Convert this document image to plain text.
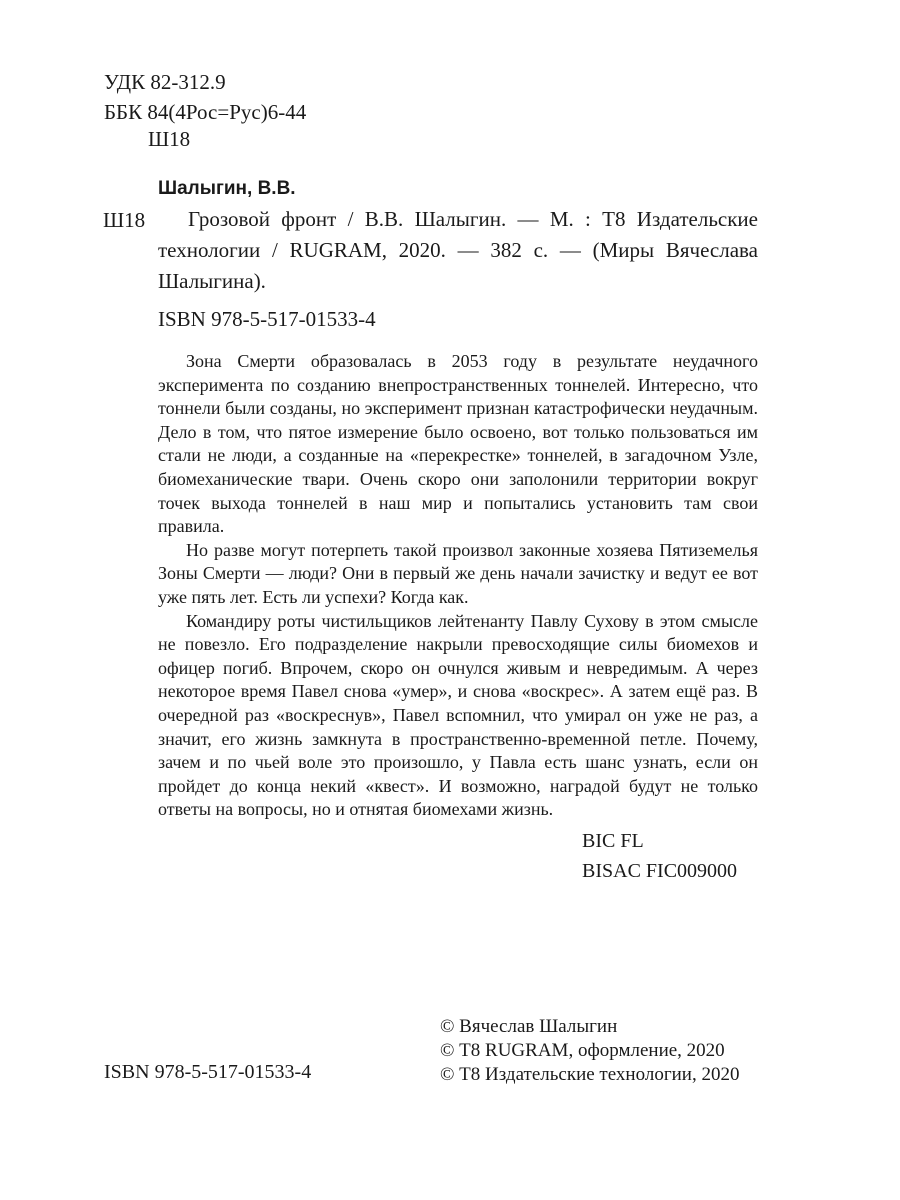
УДК 82-312.9
ББК 84(4Рос=Рус)6-44
Ш18
Шалыгин, В.В.
Ш18	Грозовой фронт / В.В. Шалыгин. — М. : Т8 Издательские технологии / RUGRAM, 2020. — 382 с. — (Миры Вячеслава Шалыгина).
ISBN 978-5-517-01533-4

Зона Смерти образовалась в 2053 году в результате неудачного эксперимента по созданию внепространственных тоннелей. Интересно, что тоннели были созданы, но эксперимент признан катастрофически неудачным. Дело в том, что пятое измерение было освоено, вот только пользоваться им стали не люди, а созданные на «перекрестке» тоннелей, в загадочном Узле, биомеханические твари. Очень скоро они заполонили территории вокруг точек выхода тоннелей в наш мир и попытались установить там свои правила.

Но разве могут потерпеть такой произвол законные хозяева Пятиземелья Зоны Смерти — люди? Они в первый же день начали зачистку и ведут ее вот уже пять лет. Есть ли успехи? Когда как.

Командиру роты чистильщиков лейтенанту Павлу Сухову в этом смысле не повезло. Его подразделение накрыли превосходящие силы биомехов и офицер погиб. Впрочем, скоро он очнулся живым и невредимым. А через некоторое время Павел снова «умер», и снова «воскрес». А затем ещё раз. В очередной раз «воскреснув», Павел вспомнил, что умирал он уже не раз, а значит, его жизнь замкнута в пространственно-временной петле. Почему, зачем и по чьей воле это произошло, у Павла есть шанс узнать, если он пройдет до конца некий «квест». И возможно, наградой будут не только ответы на вопросы, но и отнятая биомехами жизнь.

BIC FL
BISAC FIC009000
ISBN 978-5-517-01533-4
© Вячеслав Шалыгин
© Т8 RUGRAM, оформление, 2020
© Т8 Издательские технологии, 2020
